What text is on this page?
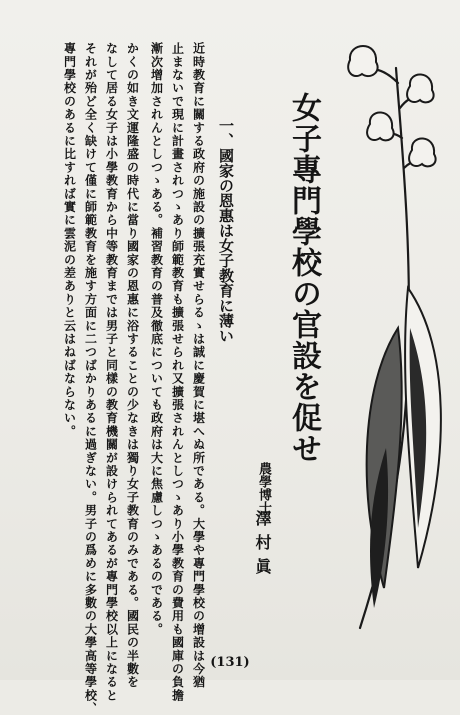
女子專門學校の官設を促せ
農學博士
澤村眞
一、國家の恩惠は女子教育に薄い
近時教育に關する政府の施設の擴張充實せらるゝは誠に慶賀に堪へぬ所である。大學や專門學校の增設は今猶
止まないで現に計畫されつゝあり師範教育も擴張せられ又擴張されんとしつゝあり小學教育の費用も國庫の負擔
漸次增加されんとしつゝある。補習教育の普及徹底についても政府は大に焦慮しつゝあるのである。
かくの如き文運隆盛の時代に當り國家の恩惠に浴することの少なきは獨り女子教育のみである。國民の半數を
なして居る女子は小學教育から中等教育までは男子と同樣の教育機關が設けられてあるが專門學校以上になると
それが殆ど全く缺けて僅に師範教育を施す方面に二つばかりあるに過ぎない。男子の爲めに多數の大學高等學校、
專門學校のあるに比すれば實に雲泥の差ありと云はねばならない。
(131)
